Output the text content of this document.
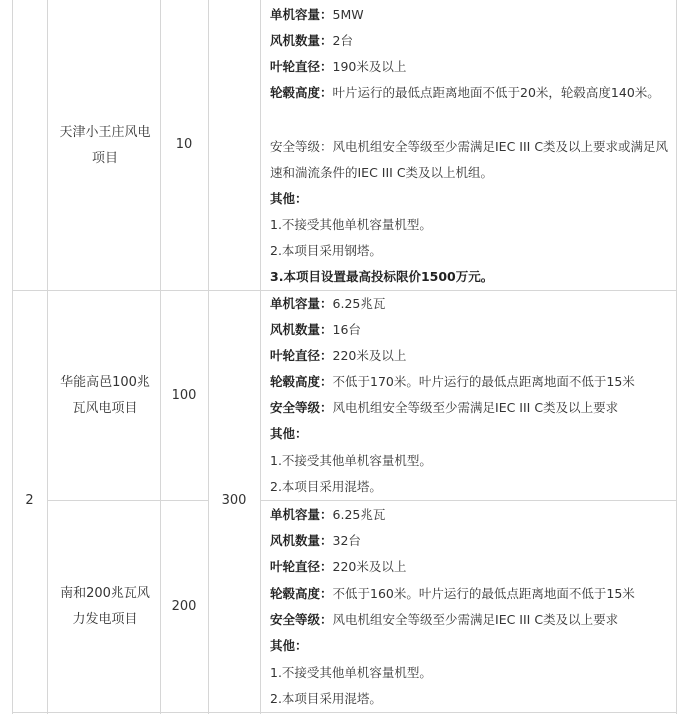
天津小王庄风电项目
10
单机容量：5MW
风机数量：2台
叶轮直径：190米及以上
轮毂高度：叶片运行的最低点距离地面不低于20米，轮毂高度140米。
安全等级：风电机组安全等级至少需满足IEC III C类及以上要求或满足风速和湍流条件的IEC III C类及以上机组。
其他：
1.不接受其他单机容量机型。
2.本项目采用钢塔。
3.本项目设置最高投标限价1500万元。
2	300
华能高邑100兆瓦风电项目
100
单机容量：6.25兆瓦
风机数量：16台
叶轮直径：220米及以上
轮毂高度：不低于170米。叶片运行的最低点距离地面不低于15米
安全等级：风电机组安全等级至少需满足IEC III C类及以上要求
其他：
1.不接受其他单机容量机型。
2.本项目采用混塔。
南和200兆瓦风力发电项目
200
单机容量：6.25兆瓦
风机数量：32台
叶轮直径：220米及以上
轮毂高度：不低于160米。叶片运行的最低点距离地面不低于15米
安全等级：风电机组安全等级至少需满足IEC III C类及以上要求
其他：
1.不接受其他单机容量机型。
2.本项目采用混塔。
